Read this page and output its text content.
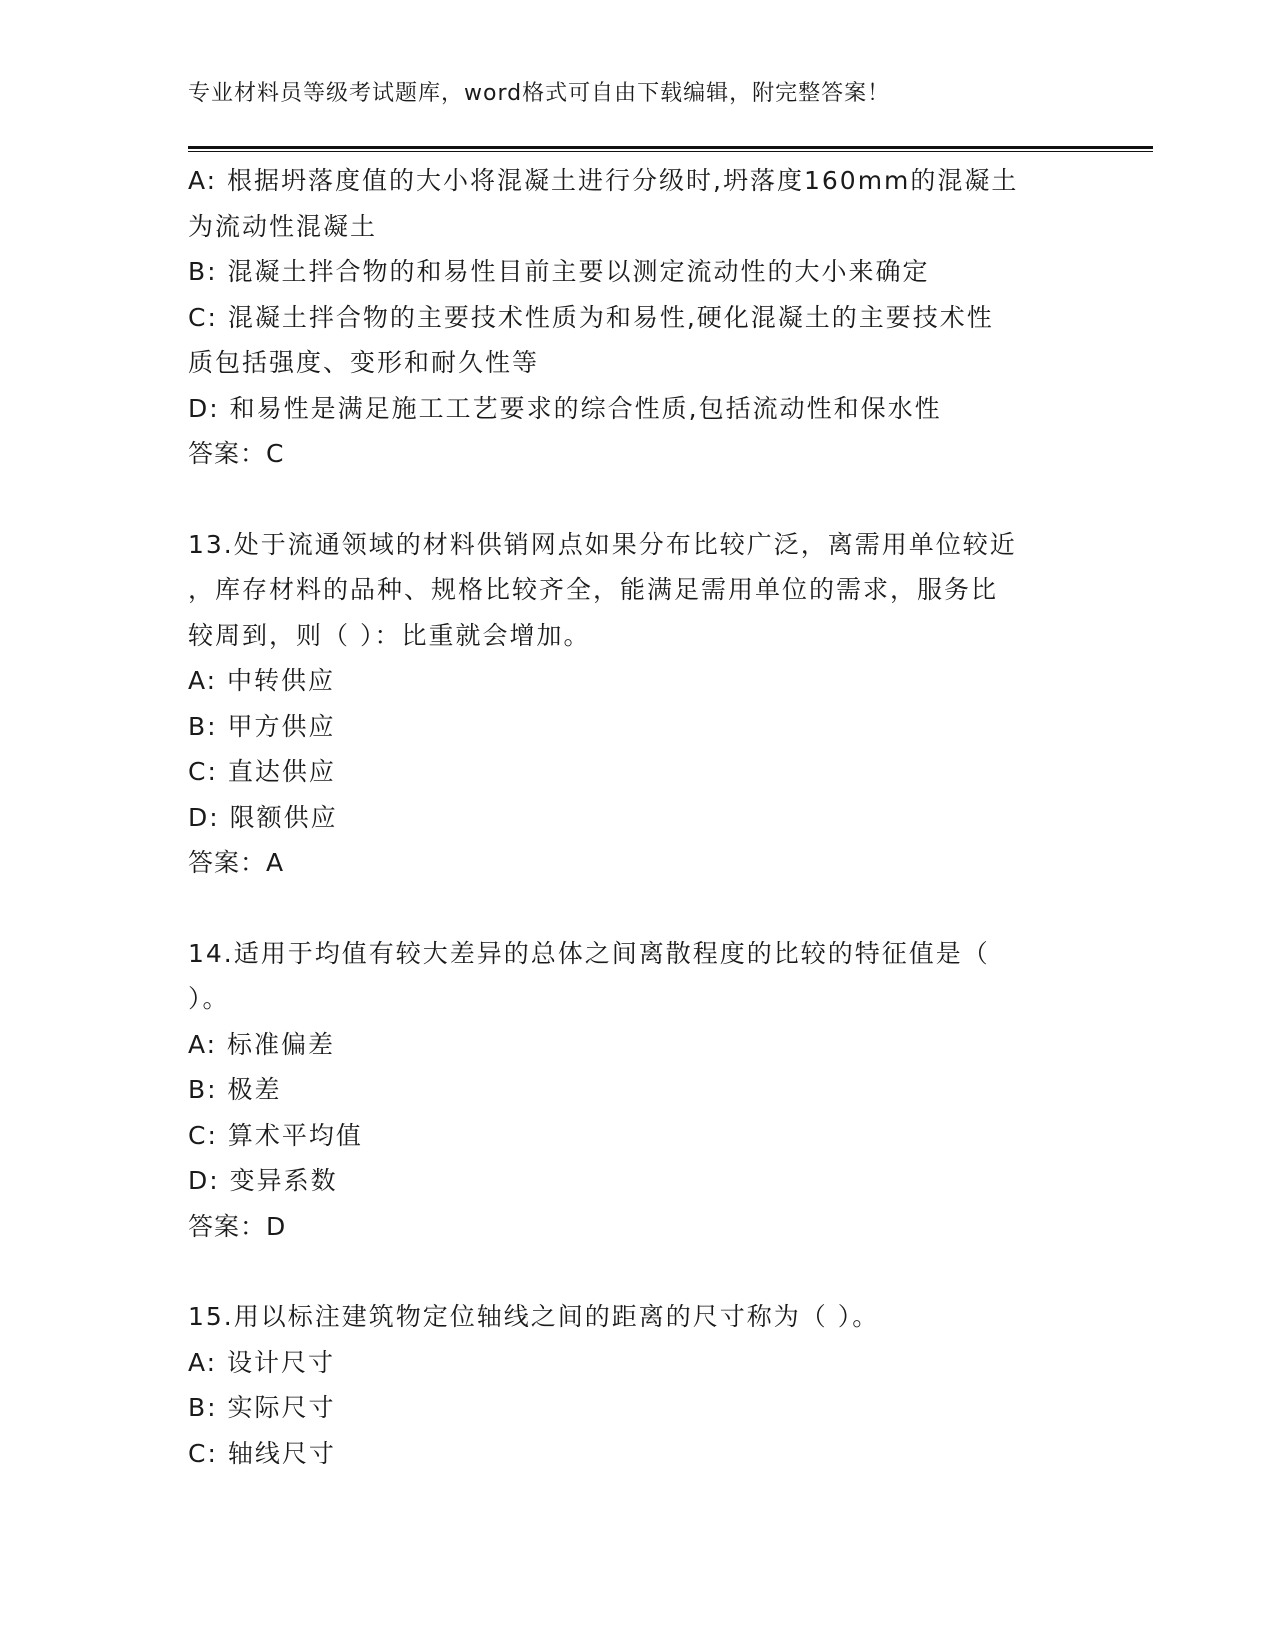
专业材料员等级考试题库，word格式可自由下载编辑，附完整答案！
A: 根据坍落度值的大小将混凝土进行分级时,坍落度160mm的混凝土
为流动性混凝土
B: 混凝土拌合物的和易性目前主要以测定流动性的大小来确定
C: 混凝土拌合物的主要技术性质为和易性,硬化混凝土的主要技术性
质包括强度、变形和耐久性等
D: 和易性是满足施工工艺要求的综合性质,包括流动性和保水性
答案：C
13.处于流通领域的材料供销网点如果分布比较广泛，离需用单位较近
，库存材料的品种、规格比较齐全，能满足需用单位的需求，服务比
较周到，则（ ）：比重就会增加。
A: 中转供应
B: 甲方供应
C: 直达供应
D: 限额供应
答案：A
14.适用于均值有较大差异的总体之间离散程度的比较的特征值是（
）。
A: 标准偏差
B: 极差
C: 算术平均值
D: 变异系数
答案：D
15.用以标注建筑物定位轴线之间的距离的尺寸称为（ ）。
A: 设计尺寸
B: 实际尺寸
C: 轴线尺寸
